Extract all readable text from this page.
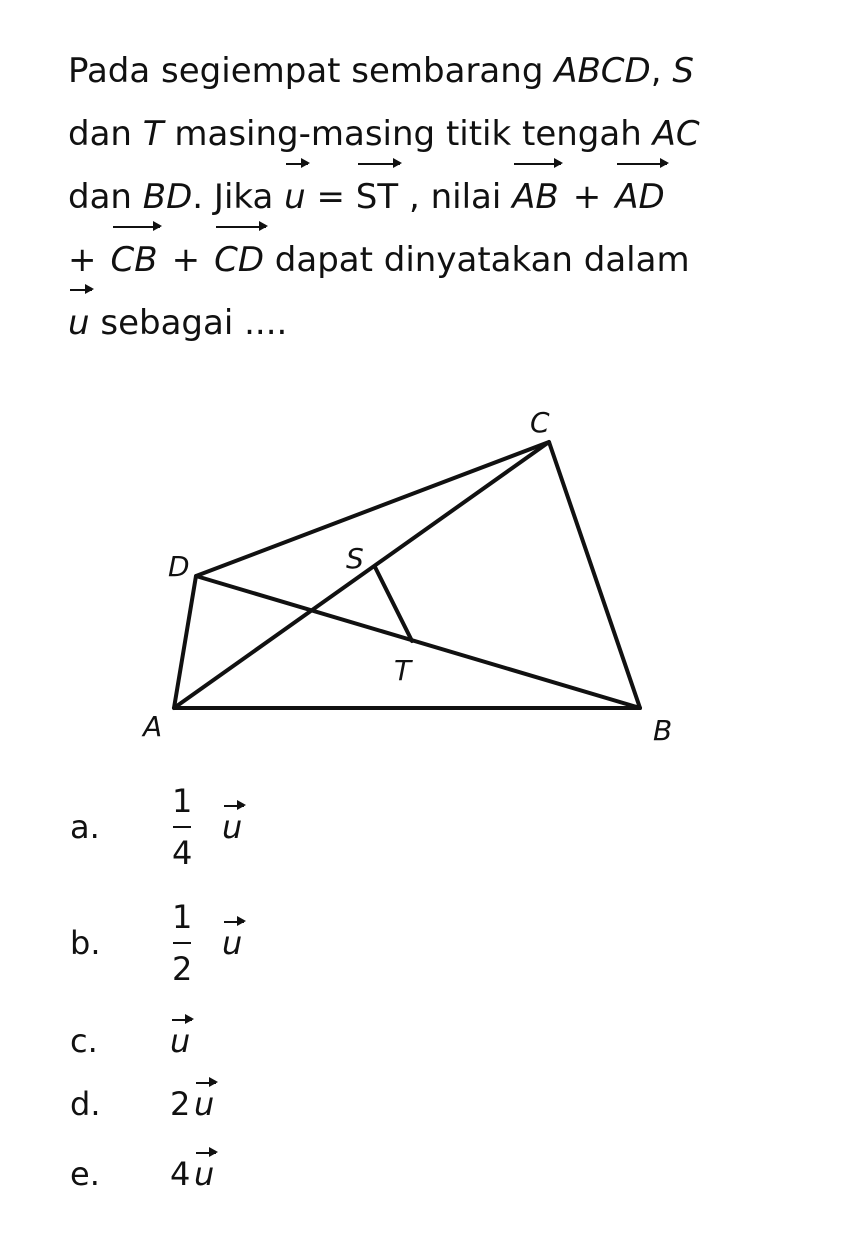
Pada segiempat sembarang ABCD, S
dan T masing-masing titik tengah AC
dan BD. Jika u = ST , nilai AB + AD
+ CB + CD dapat dinyatakan dalam
u sebagai ....
A	B
C
D	S
T
a.
1
4
u
b.
1
2
u
c. u
d. 2 u
e. 4 u
